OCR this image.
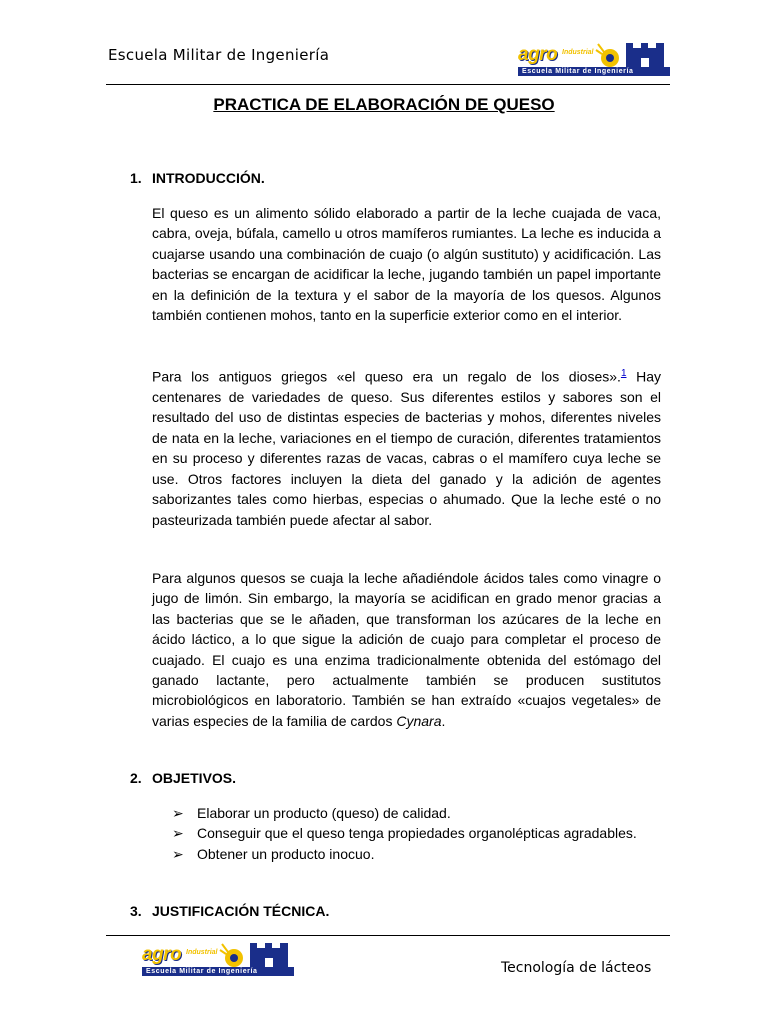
Escuela Militar de Ingeniería	agro Industrial
Escuela Militar de Ingeniería
PRACTICA DE ELABORACIÓN DE QUESO
1. INTRODUCCIÓN.

El queso es un alimento sólido elaborado a partir de la leche cuajada de vaca, cabra, oveja, búfala, camello u otros mamíferos rumiantes. La leche es inducida a cuajarse usando una combinación de cuajo (o algún sustituto) y acidificación. Las bacterias se encargan de acidificar la leche, jugando también un papel importante en la definición de la textura y el sabor de la mayoría de los quesos. Algunos también contienen mohos, tanto en la superficie exterior como en el interior.

Para los antiguos griegos «el queso era un regalo de los dioses».$^1$ Hay centenares de variedades de queso. Sus diferentes estilos y sabores son el resultado del uso de distintas especies de bacterias y mohos, diferentes niveles de nata en la leche, variaciones en el tiempo de curación, diferentes tratamientos en su proceso y diferentes razas de vacas, cabras o el mamífero cuya leche se use. Otros factores incluyen la dieta del ganado y la adición de agentes saborizantes tales como hierbas, especias o ahumado. Que la leche esté o no pasteurizada también puede afectar al sabor.

Para algunos quesos se cuaja la leche añadiéndole ácidos tales como vinagre o jugo de limón. Sin embargo, la mayoría se acidifican en grado menor gracias a las bacterias que se le añaden, que transforman los azúcares de la leche en ácido láctico, a lo que sigue la adición de cuajo para completar el proceso de cuajado. El cuajo es una enzima tradicionalmente obtenida del estómago del ganado lactante, pero actualmente también se producen sustitutos microbiológicos en laboratorio. También se han extraído «cuajos vegetales» de varias especies de la familia de cardos Cynara.

2. OBJETIVOS.
➢ Elaborar un producto (queso) de calidad.
➢ Conseguir que el queso tenga propiedades organolépticas agradables.
➢ Obtener un producto inocuo.
3. JUSTIFICACIÓN TÉCNICA.
agro Industrial
Escuela Militar de Ingeniería	Tecnología de lácteos
